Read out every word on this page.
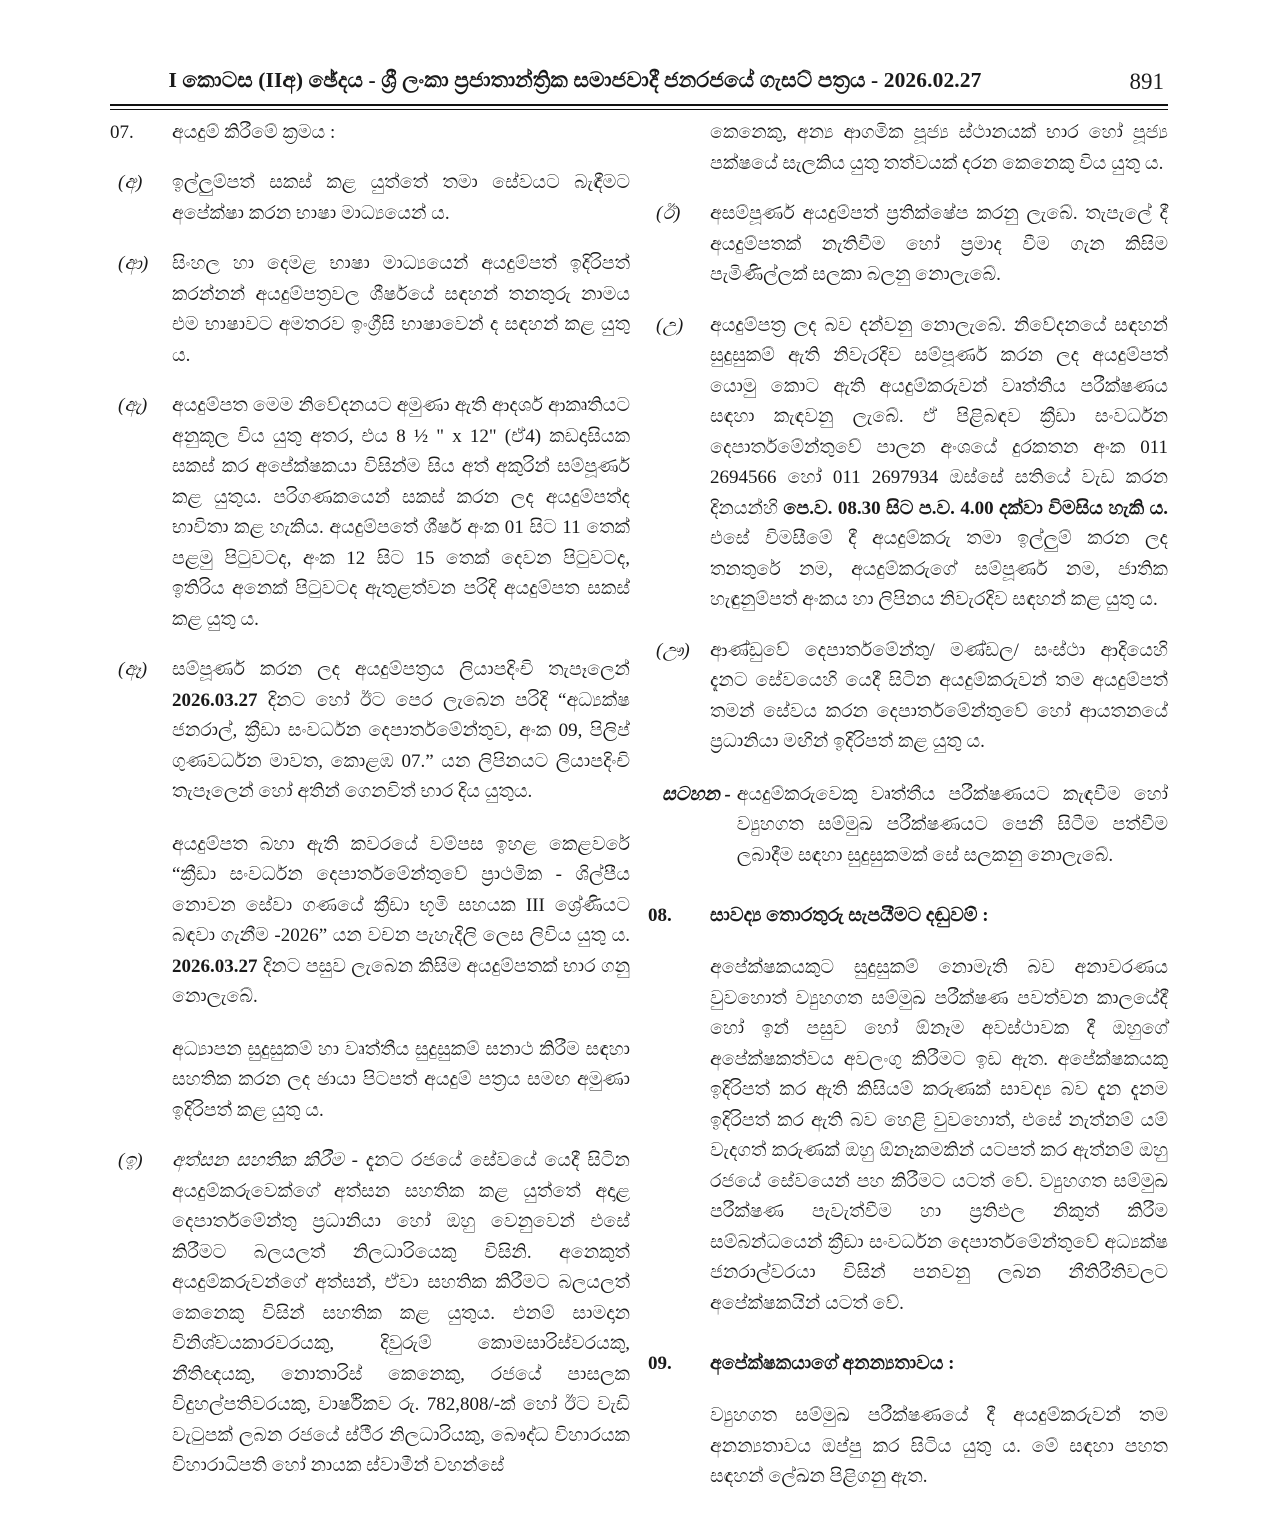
I කොටස (IIඅ) ඡේදය - ශ්‍රී ලංකා ප්‍රජාතාන්ත්‍රික සමාජවාදී ජනරජයේ ගැසට් පත්‍රය - 2026.02.27	891
07.	අයදුම් කිරීමේ ක්‍රමය :
(අ)	ඉල්ලුම්පත් සකස් කළ යුත්තේ තමා සේවයට බැඳීමට අපේක්ෂා කරන භාෂා මාධ්‍යයෙන් ය.
(ආ)	සිංහල හා දෙමළ භාෂා මාධ්‍යයෙන් අයදුම්පත් ඉදිරිපත් කරන්නන් අයදුම්පත්‍රවල ශීර්ෂයේ සඳහන් තනතුරු නාමය එම භාෂාවට අමතරව ඉංග්‍රීසි භාෂාවෙන් ද සඳහන් කළ යුතු ය.
(ඇ)	අයදුම්පත මෙම නිවේදනයට අමුණා ඇති ආදර්ශ ආකෘතියට අනුකූල විය යුතු අතර, එය 8 ½ " x 12" (ඒ4) කඩදාසියක සකස් කර අපේක්ෂකයා විසින්ම සිය අත් අකුරින් සම්පූර්ණ කළ යුතුය. පරිගණකයෙන් සකස් කරන ලද අයදුම්පත්ද භාවිතා කළ හැකිය. අයදුම්පතේ ශීර්ෂ අංක 01 සිට 11 තෙක් පළමු පිටුවටද, අංක 12 සිට 15 තෙක් දෙවන පිටුවටද, ඉතිරිය අනෙක් පිටුවටද ඇතුළත්වන පරිදි අයදුම්පත සකස් කළ යුතු ය.
(ඈ)	සම්පූර්ණ කරන ලද අයදුම්පත්‍රය ලියාපදිංචි තැපෑලෙන් 2026.03.27 දිනට හෝ ඊට පෙර ලැබෙන පරිදි “අධ්‍යක්ෂ ජනරාල්, ක්‍රීඩා සංවර්ධන දෙපාර්තමේන්තුව, අංක 09, පිලිප් ගුණවර්ධන මාවත, කොළඹ 07.” යන ලිපිනයට ලියාපදිංචි තැපෑලෙන් හෝ අතින් ගෙනවිත් භාර දිය යුතුය.
අයදුම්පත බහා ඇති කවරයේ වම්පස ඉහළ කෙළවරේ “ක්‍රීඩා සංවර්ධන දෙපාර්තමේන්තුවේ ප්‍රාථමික - ශිල්පීය නොවන සේවා ගණයේ ක්‍රීඩා භූමි සහයක III ශ්‍රේණියට බඳවා ගැනීම -2026” යන වචන පැහැදිලි ලෙස ලිවිය යුතු ය. 2026.03.27 දිනට පසුව ලැබෙන කිසිම අයදුම්පතක් භාර ගනු නොලැබේ.
අධ්‍යාපන සුදුසුකම් හා වෘත්තීය සුදුසුකම් සනාථ කිරීම සඳහා සහතික කරන ලද ඡායා පිටපත් අයදුම් පත්‍රය සමඟ අමුණා ඉදිරිපත් කළ යුතු ය.
(ඉ)	අත්සන සහතික කිරීම - දැනට රජයේ සේවයේ යෙදී සිටින අයදුම්කරුවෙක්ගේ අත්සන සහතික කළ යුත්තේ අදාළ දෙපාර්තමේන්තු ප්‍රධානියා හෝ ඔහු වෙනුවෙන් එසේ කිරීමට බලයලත් නිලධාරියෙකු විසිනි. අනෙකුත් අයදුම්කරුවන්ගේ අත්සන්, ඒවා සහතික කිරීමට බලයලත් කෙනෙකු විසින් සහතික කළ යුතුය. එනම් සාමදාන විනිශ්චයකාරවරයකු, දිවුරුම් කොමසාරිස්වරයකු, නීතිඥයකු, නොතාරිස් කෙනෙකු, රජයේ පාසලක විදුහල්පතිවරයකු, වාර්ෂිකව රු. 782,808/-ක් හෝ ඊට වැඩි වැටුපක් ලබන රජයේ ස්ථීර නිලධාරියකු, බෞද්ධ විහාරයක විහාරාධිපති හෝ නායක ස්වාමීන් වහන්සේ
කෙනෙකු, අන්‍ය ආගමික පූජ්‍ය ස්ථානයක් භාර හෝ පූජ්‍ය පක්ෂයේ සැලකිය යුතු තත්වයක් දරන කෙනෙකු විය යුතු ය.
(ඊ)	අසම්පූර්ණ අයදුම්පත් ප්‍රතික්ෂේප කරනු ලැබේ. තැපැලේ දී අයදුම්පතක් නැතිවීම හෝ ප්‍රමාද වීම ගැන කිසිම පැමිණිල්ලක් සලකා බලනු නොලැබේ.
(උ)	අයදුම්පත්‍ර ලද බව දන්වනු නොලැබේ. නිවේදනයේ සඳහන් සුදුසුකම් ඇති නිවැරදිව සම්පූර්ණ කරන ලද අයදුම්පත් යොමු කොට ඇති අයදුම්කරුවන් වෘත්තීය පරීක්ෂණය සඳහා කැඳවනු ලැබේ. ඒ පිළිබඳව ක්‍රීඩා සංවර්ධන දෙපාර්තමේන්තුවේ පාලන අංශයේ දුරකතන අංක 011 2694566 හෝ 011 2697934 ඔස්සේ සතියේ වැඩ කරන දිනයන්හි පෙ.ව. 08.30 සිට ප.ව. 4.00 දක්වා විමසිය හැකි ය. එසේ විමසීමේ දී අයදුම්කරු තමා ඉල්ලුම් කරන ලද තනතුරේ නම, අයදුම්කරුගේ සම්පූර්ණ නම, ජාතික හැඳුනුම්පත් අංකය හා ලිපිනය නිවැරදිව සඳහන් කළ යුතු ය.
(ඌ)	ආණ්ඩුවේ දෙපාර්තමේන්තු/ මණ්ඩල/ සංස්ථා ආදියෙහි දැනට සේවයෙහි යෙදී සිටින අයදුම්කරුවන් තම අයදුම්පත් තමන් සේවය කරන දෙපාර්තමේන්තුවේ හෝ ආයතනයේ ප්‍රධානියා මඟින් ඉදිරිපත් කළ යුතු ය.
සටහන - අයදුම්කරුවෙකු වෘත්තීය පරීක්ෂණයට කැඳවීම හෝ ව්‍යුහගත සම්මුඛ පරීක්ෂණයට පෙනී සිටීම පත්වීම ලබාදීම සඳහා සුදුසුකමක් සේ සලකනු නොලැබේ.
08.	සාවද්‍ය තොරතුරු සැපයීමට දඬුවම් :
අපේක්ෂකයකුට සුදුසුකම් නොමැති බව අනාවරණය වුවහොත් ව්‍යුහගත සම්මුඛ පරීක්ෂණ පවත්වන කාලයේදී හෝ ඉන් පසුව හෝ ඕනෑම අවස්ථාවක දී ඔහුගේ අපේක්ෂකත්වය අවලංගු කිරීමට ඉඩ ඇත. අපේක්ෂකයකු ඉදිරිපත් කර ඇති කිසියම් කරුණක් සාවද්‍ය බව දැන දැනම ඉදිරිපත් කර ඇති බව හෙළි වුවහොත්, එසේ නැත්නම් යම් වැදගත් කරුණක් ඔහු ඕනෑකමකින් යටපත් කර ඇත්නම් ඔහු රජයේ සේවයෙන් පහ කිරීමට යටත් වේ. ව්‍යුහගත සම්මුඛ පරීක්ෂණ පැවැත්වීම හා ප්‍රතිඵල නිකුත් කිරීම සම්බන්ධයෙන් ක්‍රීඩා සංවර්ධන දෙපාර්තමේන්තුවේ අධ්‍යක්ෂ ජනරාල්වරයා විසින් පනවනු ලබන නීතිරීතිවලට අපේක්ෂකයින් යටත් වේ.
09.	අපේක්ෂකයාගේ අනන්‍යතාවය :
ව්‍යුහගත සම්මුඛ පරීක්ෂණයේ දී අයදුම්කරුවන් තම අනන්‍යතාවය ඔප්පු කර සිටිය යුතු ය. මේ සඳහා පහත සඳහන් ලේඛන පිළිගනු ඇත.
